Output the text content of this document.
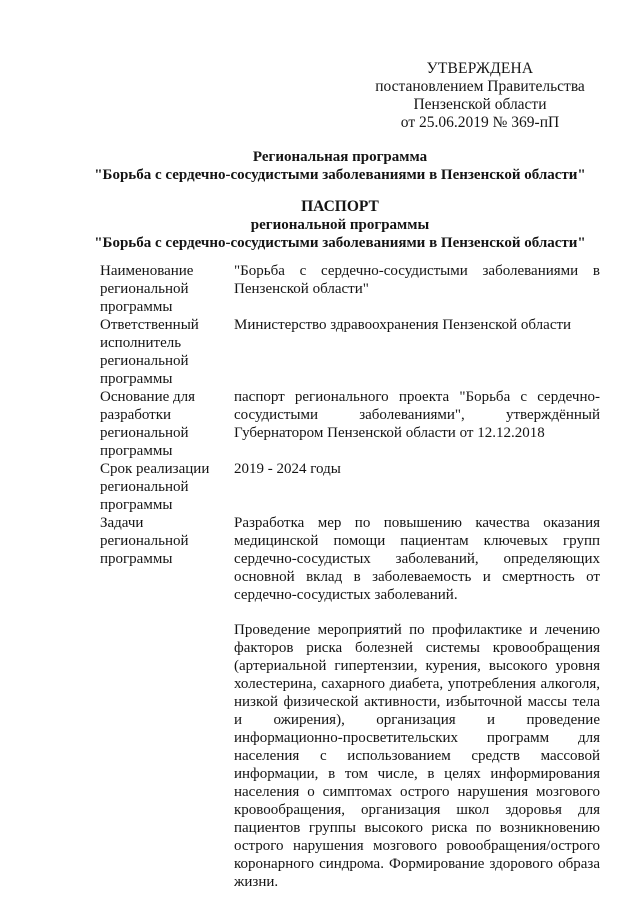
УТВЕРЖДЕНА
постановлением Правительства
Пензенской области
от 25.06.2019 № 369-пП
Региональная программа
"Борьба с сердечно-сосудистыми заболеваниями в Пензенской области"
ПАСПОРТ
региональной программы
"Борьба с сердечно-сосудистыми заболеваниями в Пензенской области"
Наименование региональной программы	"Борьба с сердечно-сосудистыми заболеваниями в Пензенской области"
Ответственный исполнитель региональной программы	Министерство здравоохранения Пензенской области
Основание для разработки региональной программы	паспорт регионального проекта "Борьба с сердечно-сосудистыми заболеваниями", утверждённый Губернатором Пензенской области от 12.12.2018
Срок реализации региональной программы	2019 - 2024 годы
Задачи региональной программы	Разработка мер по повышению качества оказания медицинской помощи пациентам ключевых групп сердечно-сосудистых заболеваний, определяющих основной вклад в заболеваемость и смертность от сердечно-сосудистых заболеваний.

Проведение мероприятий по профилактике и лечению факторов риска болезней системы кровообращения (артериальной гипертензии, курения, высокого уровня холестерина, сахарного диабета, употребления алкоголя, низкой физической активности, избыточной массы тела и ожирения), организация и проведение информационно-просветительских программ для населения с использованием средств массовой информации, в том числе, в целях информирования населения о симптомах острого нарушения мозгового кровообращения, организация школ здоровья для пациентов группы высокого риска по возникновению острого нарушения мозгового ровообращения/острого коронарного синдрома. Формирование здорового образа жизни.
